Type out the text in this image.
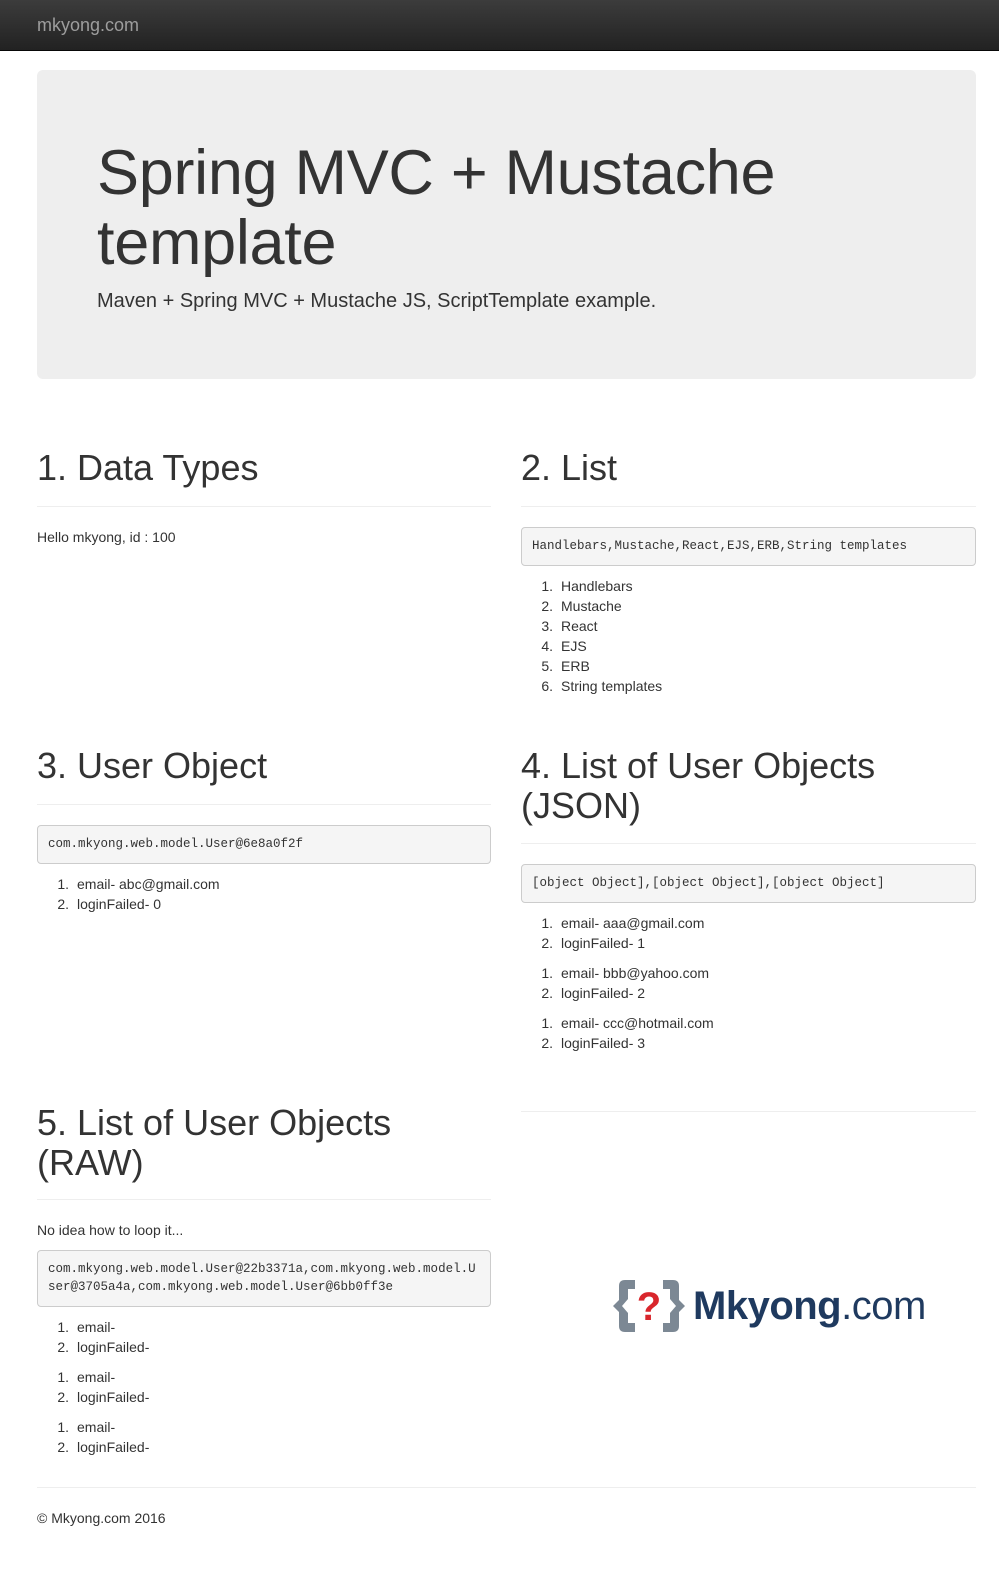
mkyong.com
Spring MVC + Mustache template

Maven + Spring MVC + Mustache JS, ScriptTemplate example.

1. Data Types
Hello mkyong, id : 100
2. List
Handlebars,Mustache,React,EJS,ERB,String templates
1. Handlebars
2. Mustache
3. React
4. EJS
5. ERB
6. String templates
3. User Object
com.mkyong.web.model.User@6e8a0f2f
1. email- abc@gmail.com
2. loginFailed- 0
4. List of User Objects (JSON)
[object Object],[object Object],[object Object]
1. email- aaa@gmail.com
2. loginFailed- 1
1. email- bbb@yahoo.com
2. loginFailed- 2
1. email- ccc@hotmail.com
2. loginFailed- 3
5. List of User Objects (RAW)
No idea how to loop it...
com.mkyong.web.model.User@22b3371a,com.mkyong.web.model.User@3705a4a,com.mkyong.web.model.User@6bb0ff3e
1. email-
2. loginFailed-
1. email-
2. loginFailed-
1. email-
2. loginFailed-
? Mkyong.com
© Mkyong.com 2016
